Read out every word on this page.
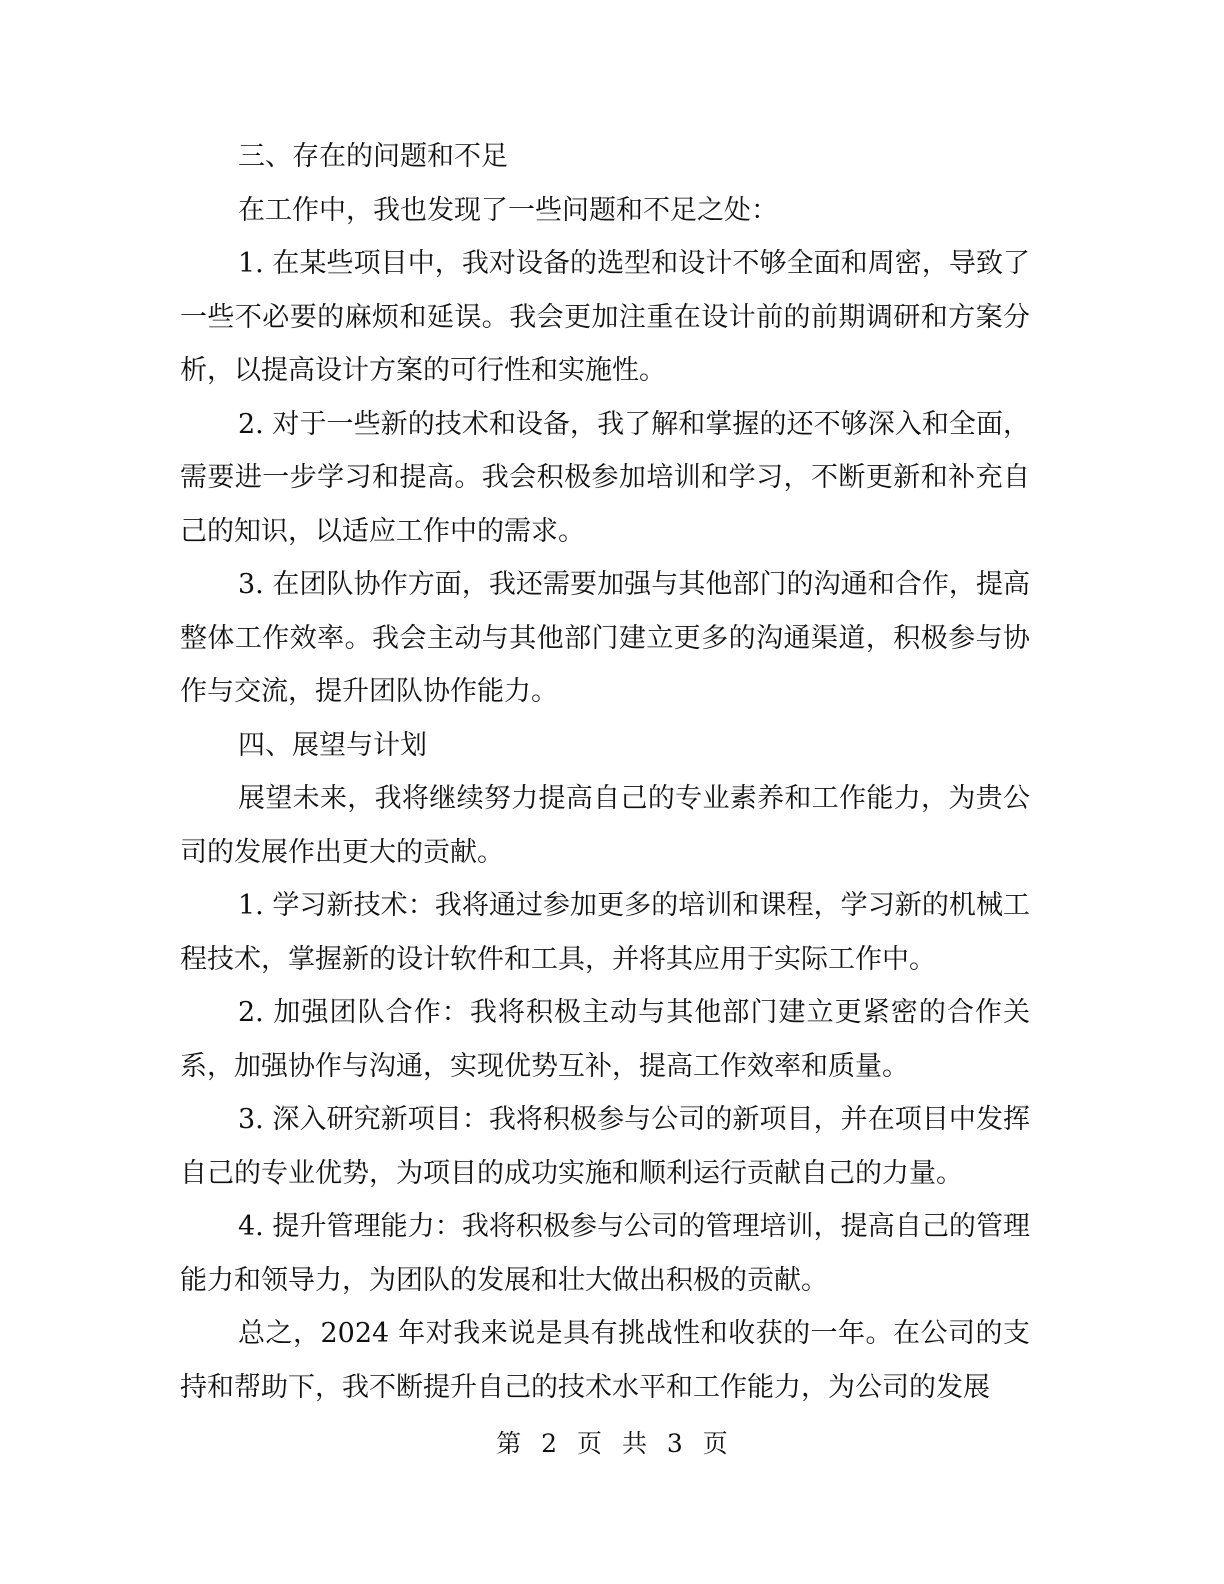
三、存在的问题和不足

在工作中，我也发现了一些问题和不足之处：

1. 在某些项目中，我对设备的选型和设计不够全面和周密，导致了一些不必要的麻烦和延误。我会更加注重在设计前的前期调研和方案分析，以提高设计方案的可行性和实施性。

2. 对于一些新的技术和设备，我了解和掌握的还不够深入和全面，需要进一步学习和提高。我会积极参加培训和学习，不断更新和补充自己的知识，以适应工作中的需求。

3. 在团队协作方面，我还需要加强与其他部门的沟通和合作，提高整体工作效率。我会主动与其他部门建立更多的沟通渠道，积极参与协作与交流，提升团队协作能力。

四、展望与计划

展望未来，我将继续努力提高自己的专业素养和工作能力，为贵公司的发展作出更大的贡献。

1. 学习新技术：我将通过参加更多的培训和课程，学习新的机械工程技术，掌握新的设计软件和工具，并将其应用于实际工作中。

2. 加强团队合作：我将积极主动与其他部门建立更紧密的合作关系，加强协作与沟通，实现优势互补，提高工作效率和质量。

3. 深入研究新项目：我将积极参与公司的新项目，并在项目中发挥自己的专业优势，为项目的成功实施和顺利运行贡献自己的力量。

4. 提升管理能力：我将积极参与公司的管理培训，提高自己的管理能力和领导力，为团队的发展和壮大做出积极的贡献。

总之，2024 年对我来说是具有挑战性和收获的一年。在公司的支持和帮助下，我不断提升自己的技术水平和工作能力，为公司的发展

第 2 页 共 3 页
